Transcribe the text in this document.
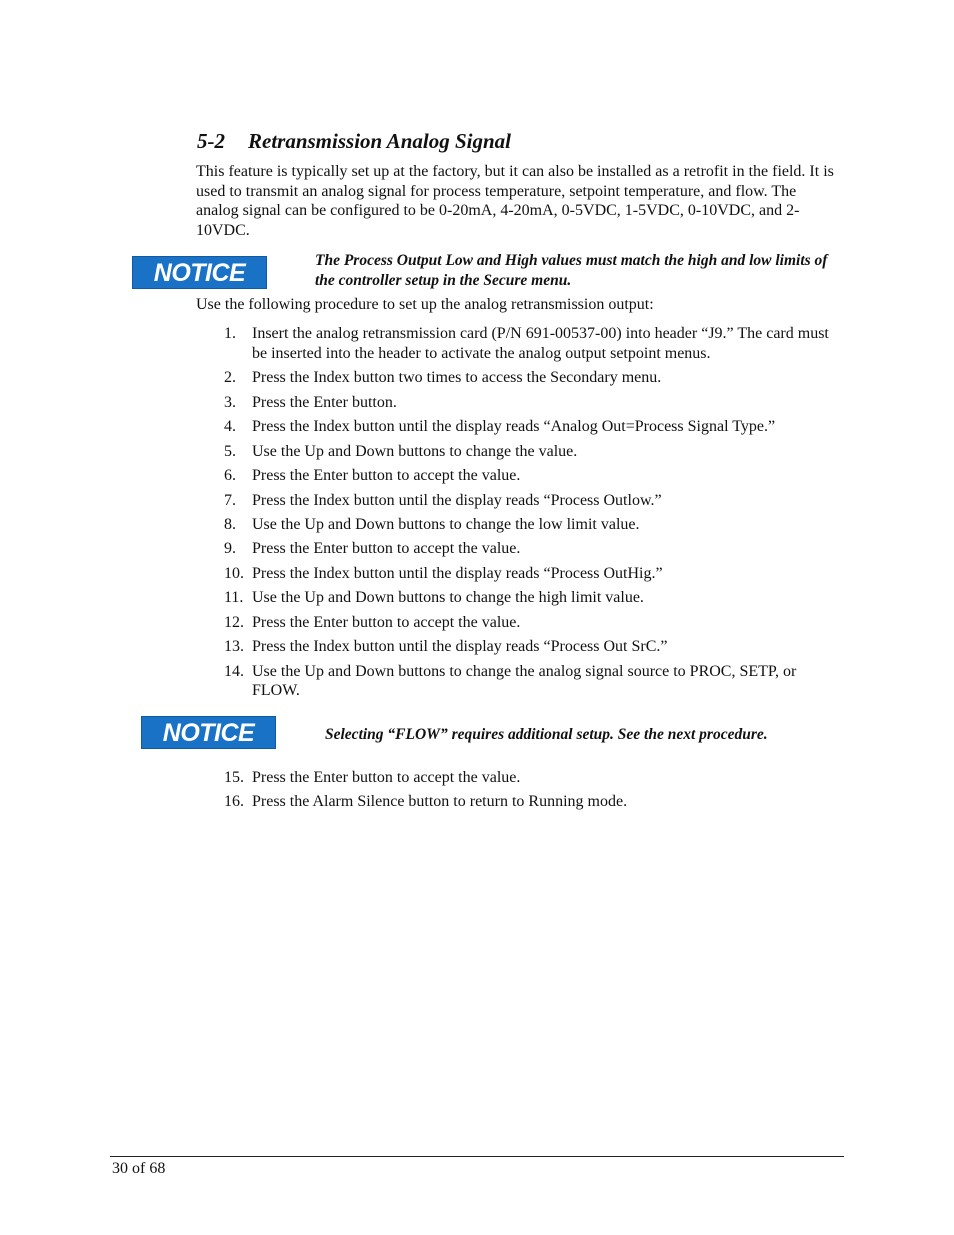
5-2 Retransmission Analog Signal

This feature is typically set up at the factory, but it can also be installed as a retrofit in the field. It is used to transmit an analog signal for process temperature, setpoint temperature, and flow. The analog signal can be configured to be 0-20mA, 4-20mA, 0-5VDC, 1-5VDC, 0-10VDC, and 2-10VDC.

NOTICE	The Process Output Low and High values must match the high and low limits of the controller setup in the Secure menu.

Use the following procedure to set up the analog retransmission output:

1. Insert the analog retransmission card (P/N 691-00537-00) into header “J9.” The card must be inserted into the header to activate the analog output setpoint menus.
2. Press the Index button two times to access the Secondary menu.
3. Press the Enter button.
4. Press the Index button until the display reads “Analog Out=Process Signal Type.”
5. Use the Up and Down buttons to change the value.
6. Press the Enter button to accept the value.
7. Press the Index button until the display reads “Process Outlow.”
8. Use the Up and Down buttons to change the low limit value.
9. Press the Enter button to accept the value.
10. Press the Index button until the display reads “Process OutHig.”
11. Use the Up and Down buttons to change the high limit value.
12. Press the Enter button to accept the value.
13. Press the Index button until the display reads “Process Out SrC.”
14. Use the Up and Down buttons to change the analog signal source to PROC, SETP, or FLOW.
NOTICE	Selecting “FLOW” requires additional setup. See the next procedure.

15. Press the Enter button to accept the value.
16. Press the Alarm Silence button to return to Running mode.

30 of 68
